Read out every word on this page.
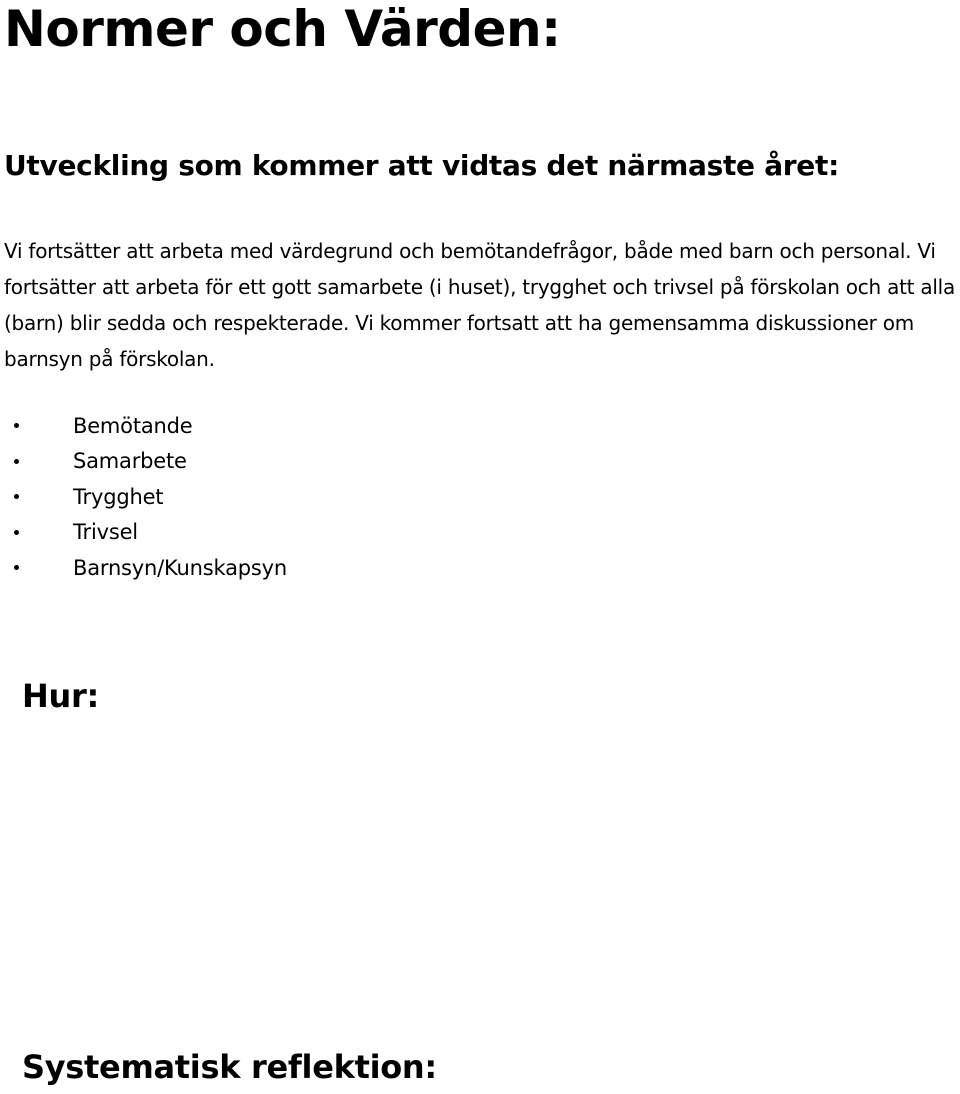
Normer och Värden:
Utveckling som kommer att vidtas det närmaste året:

Vi fortsätter att arbeta med värdegrund och bemötandefrågor, både med barn och personal. Vi fortsätter att arbeta för ett gott samarbete (i huset), trygghet och trivsel på förskolan och att alla (barn) blir sedda och respekterade. Vi kommer fortsatt att ha gemensamma diskussioner om barnsyn på förskolan.

Bemötande
Samarbete
Trygghet
Trivsel
Barnsyn/Kunskapsyn
Hur:
Systematisk reflektion:
